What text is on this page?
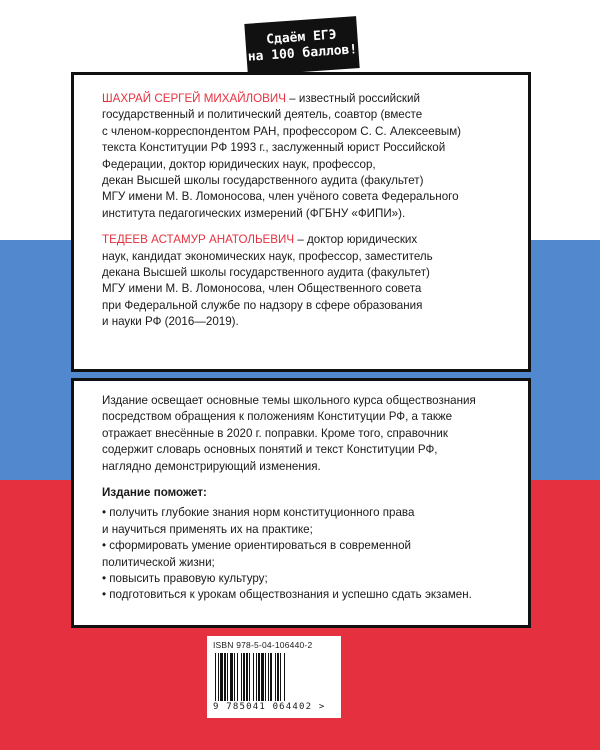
Сдаём ЕГЭ
на 100 баллов!

ШАХРАЙ СЕРГЕЙ МИХАЙЛОВИЧ – известный российский
государственный и политический деятель, соавтор (вместе
с членом-корреспондентом РАН, профессором С. С. Алексеевым)
текста Конституции РФ 1993 г., заслуженный юрист Российской
Федерации, доктор юридических наук, профессор,
декан Высшей школы государственного аудита (факультет)
МГУ имени М. В. Ломоносова, член учёного совета Федерального
института педагогических измерений (ФГБНУ «ФИПИ»).

ТЕДЕЕВ АСТАМУР АНАТОЛЬЕВИЧ – доктор юридических
наук, кандидат экономических наук, профессор, заместитель
декана Высшей школы государственного аудита (факультет)
МГУ имени М. В. Ломоносова, член Общественного совета
при Федеральной службе по надзору в сфере образования
и науки РФ (2016—2019).

Издание освещает основные темы школьного курса обществознания
посредством обращения к положениям Конституции РФ, а также
отражает внесённые в 2020 г. поправки. Кроме того, справочник
содержит словарь основных понятий и текст Конституции РФ,
наглядно демонстрирующий изменения.

Издание поможет:

• получить глубокие знания норм конституционного права
и научиться применять их на практике;
• сформировать умение ориентироваться в современной
политической жизни;
• повысить правовую культуру;
• подготовиться к урокам обществознания и успешно сдать экзамен.

ISBN 978-5-04-106440-2
9 785041 064402 >
